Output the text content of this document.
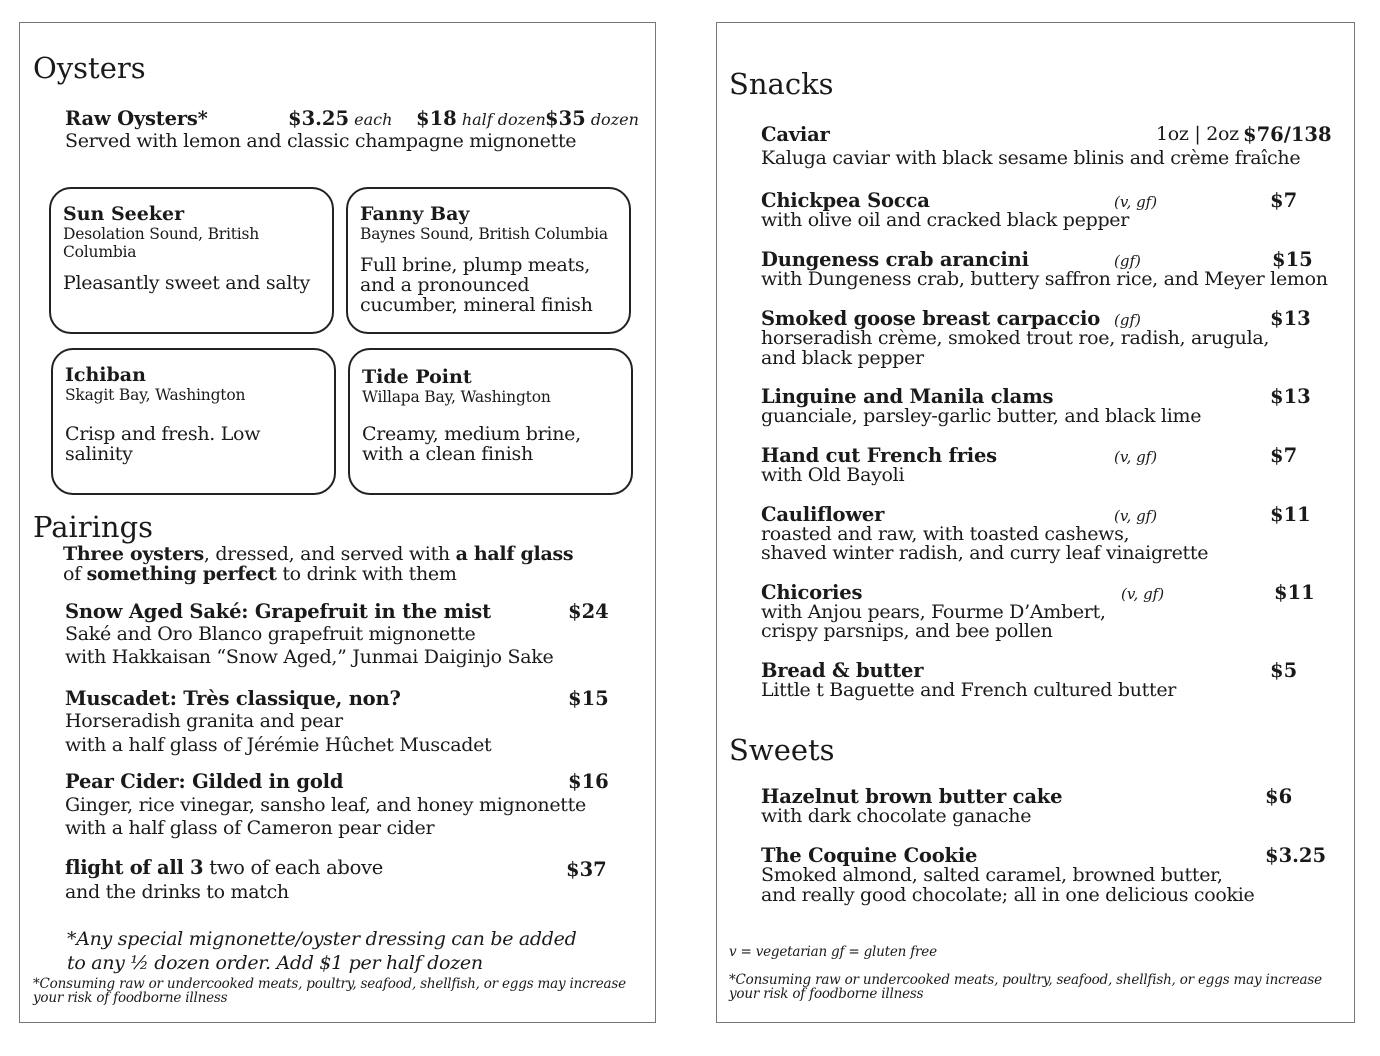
Oysters
Raw Oysters*	$3.25 each $18 half dozen $35 dozen
Served with lemon and classic champagne mignonette
Sun Seeker
Desolation Sound, British Columbia
Pleasantly sweet and salty
Fanny Bay
Baynes Sound, British Columbia
Full brine, plump meats, and a pronounced cucumber, mineral finish
Ichiban
Skagit Bay, Washington
Crisp and fresh. Low salinity
Tide Point
Willapa Bay, Washington
Creamy, medium brine, with a clean finish
Pairings
Three oysters, dressed, and served with a half glass
of something perfect to drink with them
Snow Aged Saké: Grapefruit in the mist	$24
Saké and Oro Blanco grapefruit mignonette
with Hakkaisan “Snow Aged,” Junmai Daiginjo Sake
Muscadet: Très classique, non?	$15
Horseradish granita and pear
with a half glass of Jérémie Hûchet Muscadet
Pear Cider: Gilded in gold	$16
Ginger, rice vinegar, sansho leaf, and honey mignonette
with a half glass of Cameron pear cider
flight of all 3 two of each above	$37
and the drinks to match
*Any special mignonette/oyster dressing can be added
to any ½ dozen order. Add $1 per half dozen
*Consuming raw or undercooked meats, poultry, seafood, shellfish, or eggs may increase
your risk of foodborne illness
Snacks
Caviar	1oz | 2oz $76/138
Kaluga caviar with black sesame blinis and crème fraîche
Chickpea Socca	(v, gf)	$7
with olive oil and cracked black pepper
Dungeness crab arancini	(gf)	$15
with Dungeness crab, buttery saffron rice, and Meyer lemon
Smoked goose breast carpaccio (gf)	$13
horseradish crème, smoked trout roe, radish, arugula,
and black pepper
Linguine and Manila clams	$13
guanciale, parsley-garlic butter, and black lime
Hand cut French fries	(v, gf)	$7
with Old Bayoli
Cauliflower	(v, gf)	$11
roasted and raw, with toasted cashews,
shaved winter radish, and curry leaf vinaigrette
Chicories	(v, gf)	$11
with Anjou pears, Fourme D’Ambert,
crispy parsnips, and bee pollen
Bread & butter	$5
Little t Baguette and French cultured butter
Sweets
Hazelnut brown butter cake	$6
with dark chocolate ganache
The Coquine Cookie	$3.25
Smoked almond, salted caramel, browned butter,
and really good chocolate; all in one delicious cookie
v = vegetarian gf = gluten free
*Consuming raw or undercooked meats, poultry, seafood, shellfish, or eggs may increase
your risk of foodborne illness
